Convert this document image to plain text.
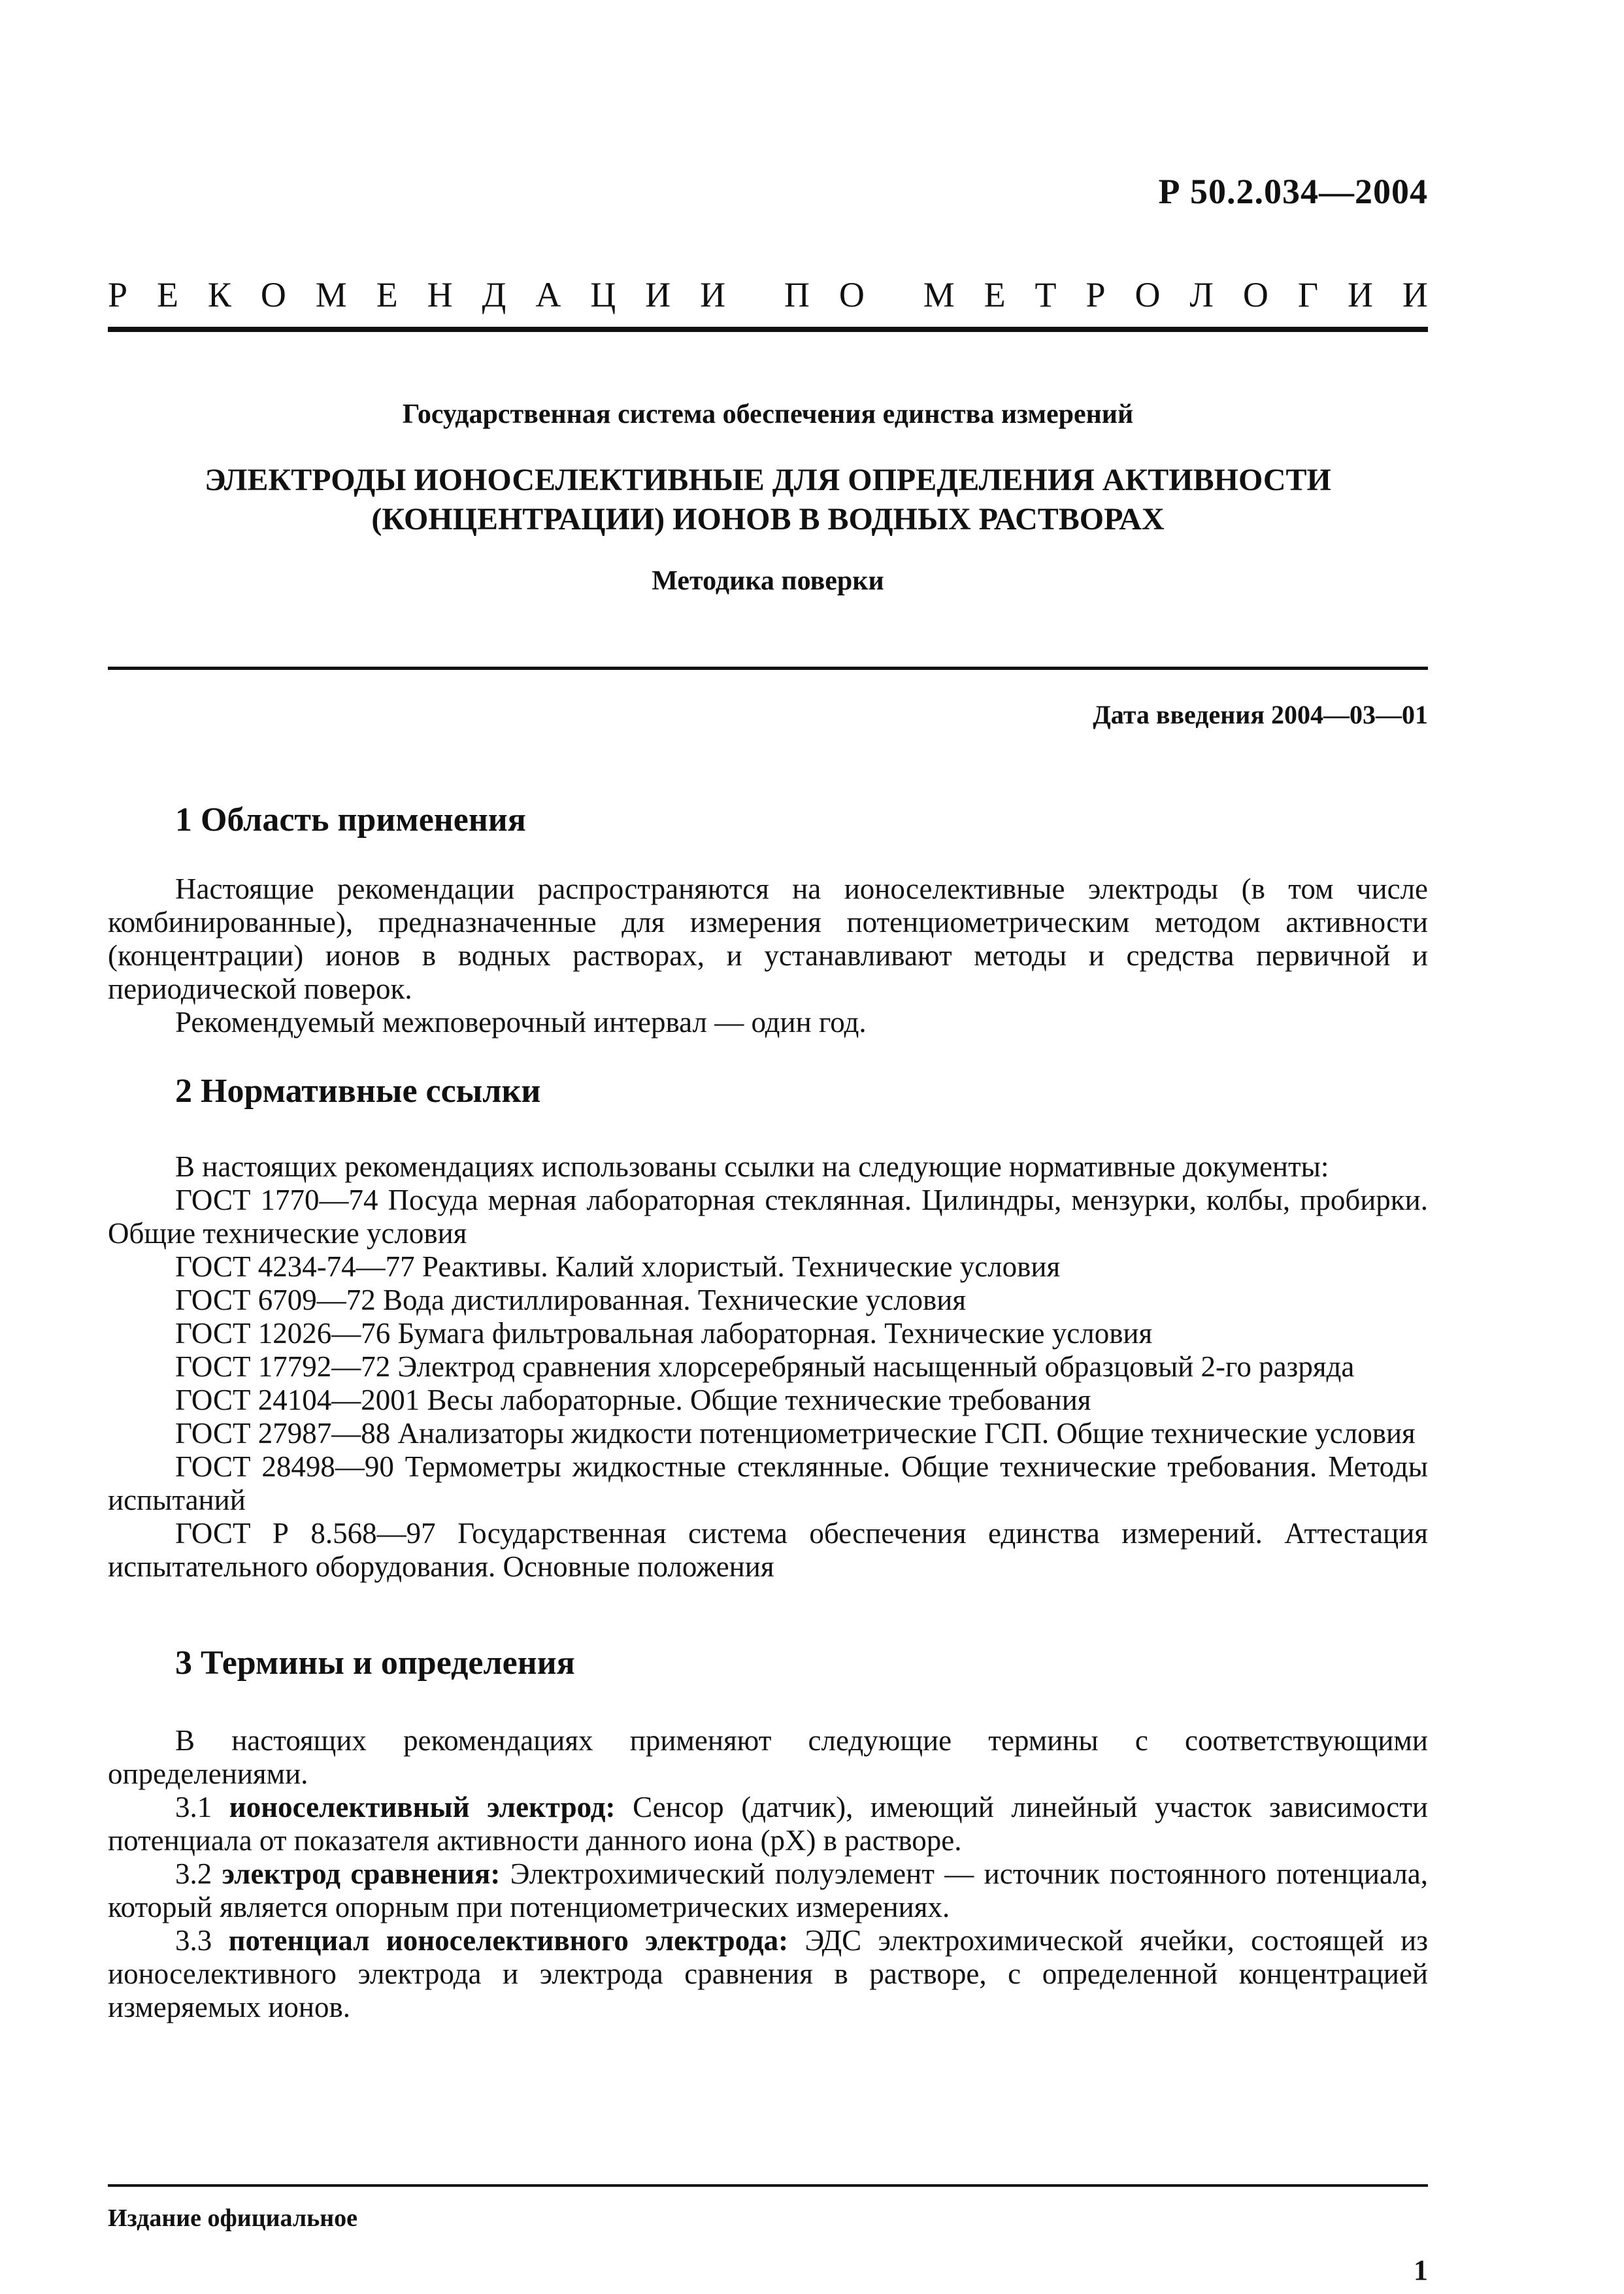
Р 50.2.034—2004
Р Е К О М Е Н Д А Ц И И П О М Е Т Р О Л О Г И И
Государственная система обеспечения единства измерений
ЭЛЕКТРОДЫ ИОНОСЕЛЕКТИВНЫЕ ДЛЯ ОПРЕДЕЛЕНИЯ АКТИВНОСТИ
(КОНЦЕНТРАЦИИ) ИОНОВ В ВОДНЫХ РАСТВОРАХ
Методика поверки
Дата введения 2004—03—01
1 Область применения

Настоящие рекомендации распространяются на ионоселективные электроды (в том числе комбинированные), предназначенные для измерения потенциометрическим методом активности (концентрации) ионов в водных растворах, и устанавливают методы и средства первичной и периодической поверок.

Рекомендуемый межповерочный интервал — один год.

2 Нормативные ссылки

В настоящих рекомендациях использованы ссылки на следующие нормативные документы:

ГОСТ 1770—74 Посуда мерная лабораторная стеклянная. Цилиндры, мензурки, колбы, пробирки. Общие технические условия

ГОСТ 4234-74—77 Реактивы. Калий хлористый. Технические условия

ГОСТ 6709—72 Вода дистиллированная. Технические условия

ГОСТ 12026—76 Бумага фильтровальная лабораторная. Технические условия

ГОСТ 17792—72 Электрод сравнения хлорсеребряный насыщенный образцовый 2-го разряда

ГОСТ 24104—2001 Весы лабораторные. Общие технические требования

ГОСТ 27987—88 Анализаторы жидкости потенциометрические ГСП. Общие технические условия

ГОСТ 28498—90 Термометры жидкостные стеклянные. Общие технические требования. Методы испытаний

ГОСТ Р 8.568—97 Государственная система обеспечения единства измерений. Аттестация испытательного оборудования. Основные положения

3 Термины и определения

В настоящих рекомендациях применяют следующие термины с соответствующими определениями.

3.1 ионоселективный электрод: Сенсор (датчик), имеющий линейный участок зависимости потенциала от показателя активности данного иона (рХ) в растворе.

3.2 электрод сравнения: Электрохимический полуэлемент — источник постоянного потенциала, который является опорным при потенциометрических измерениях.

3.3 потенциал ионоселективного электрода: ЭДС электрохимической ячейки, состоящей из ионоселективного электрода и электрода сравнения в растворе, с определенной концентрацией измеряемых ионов.

Издание официальное
1
